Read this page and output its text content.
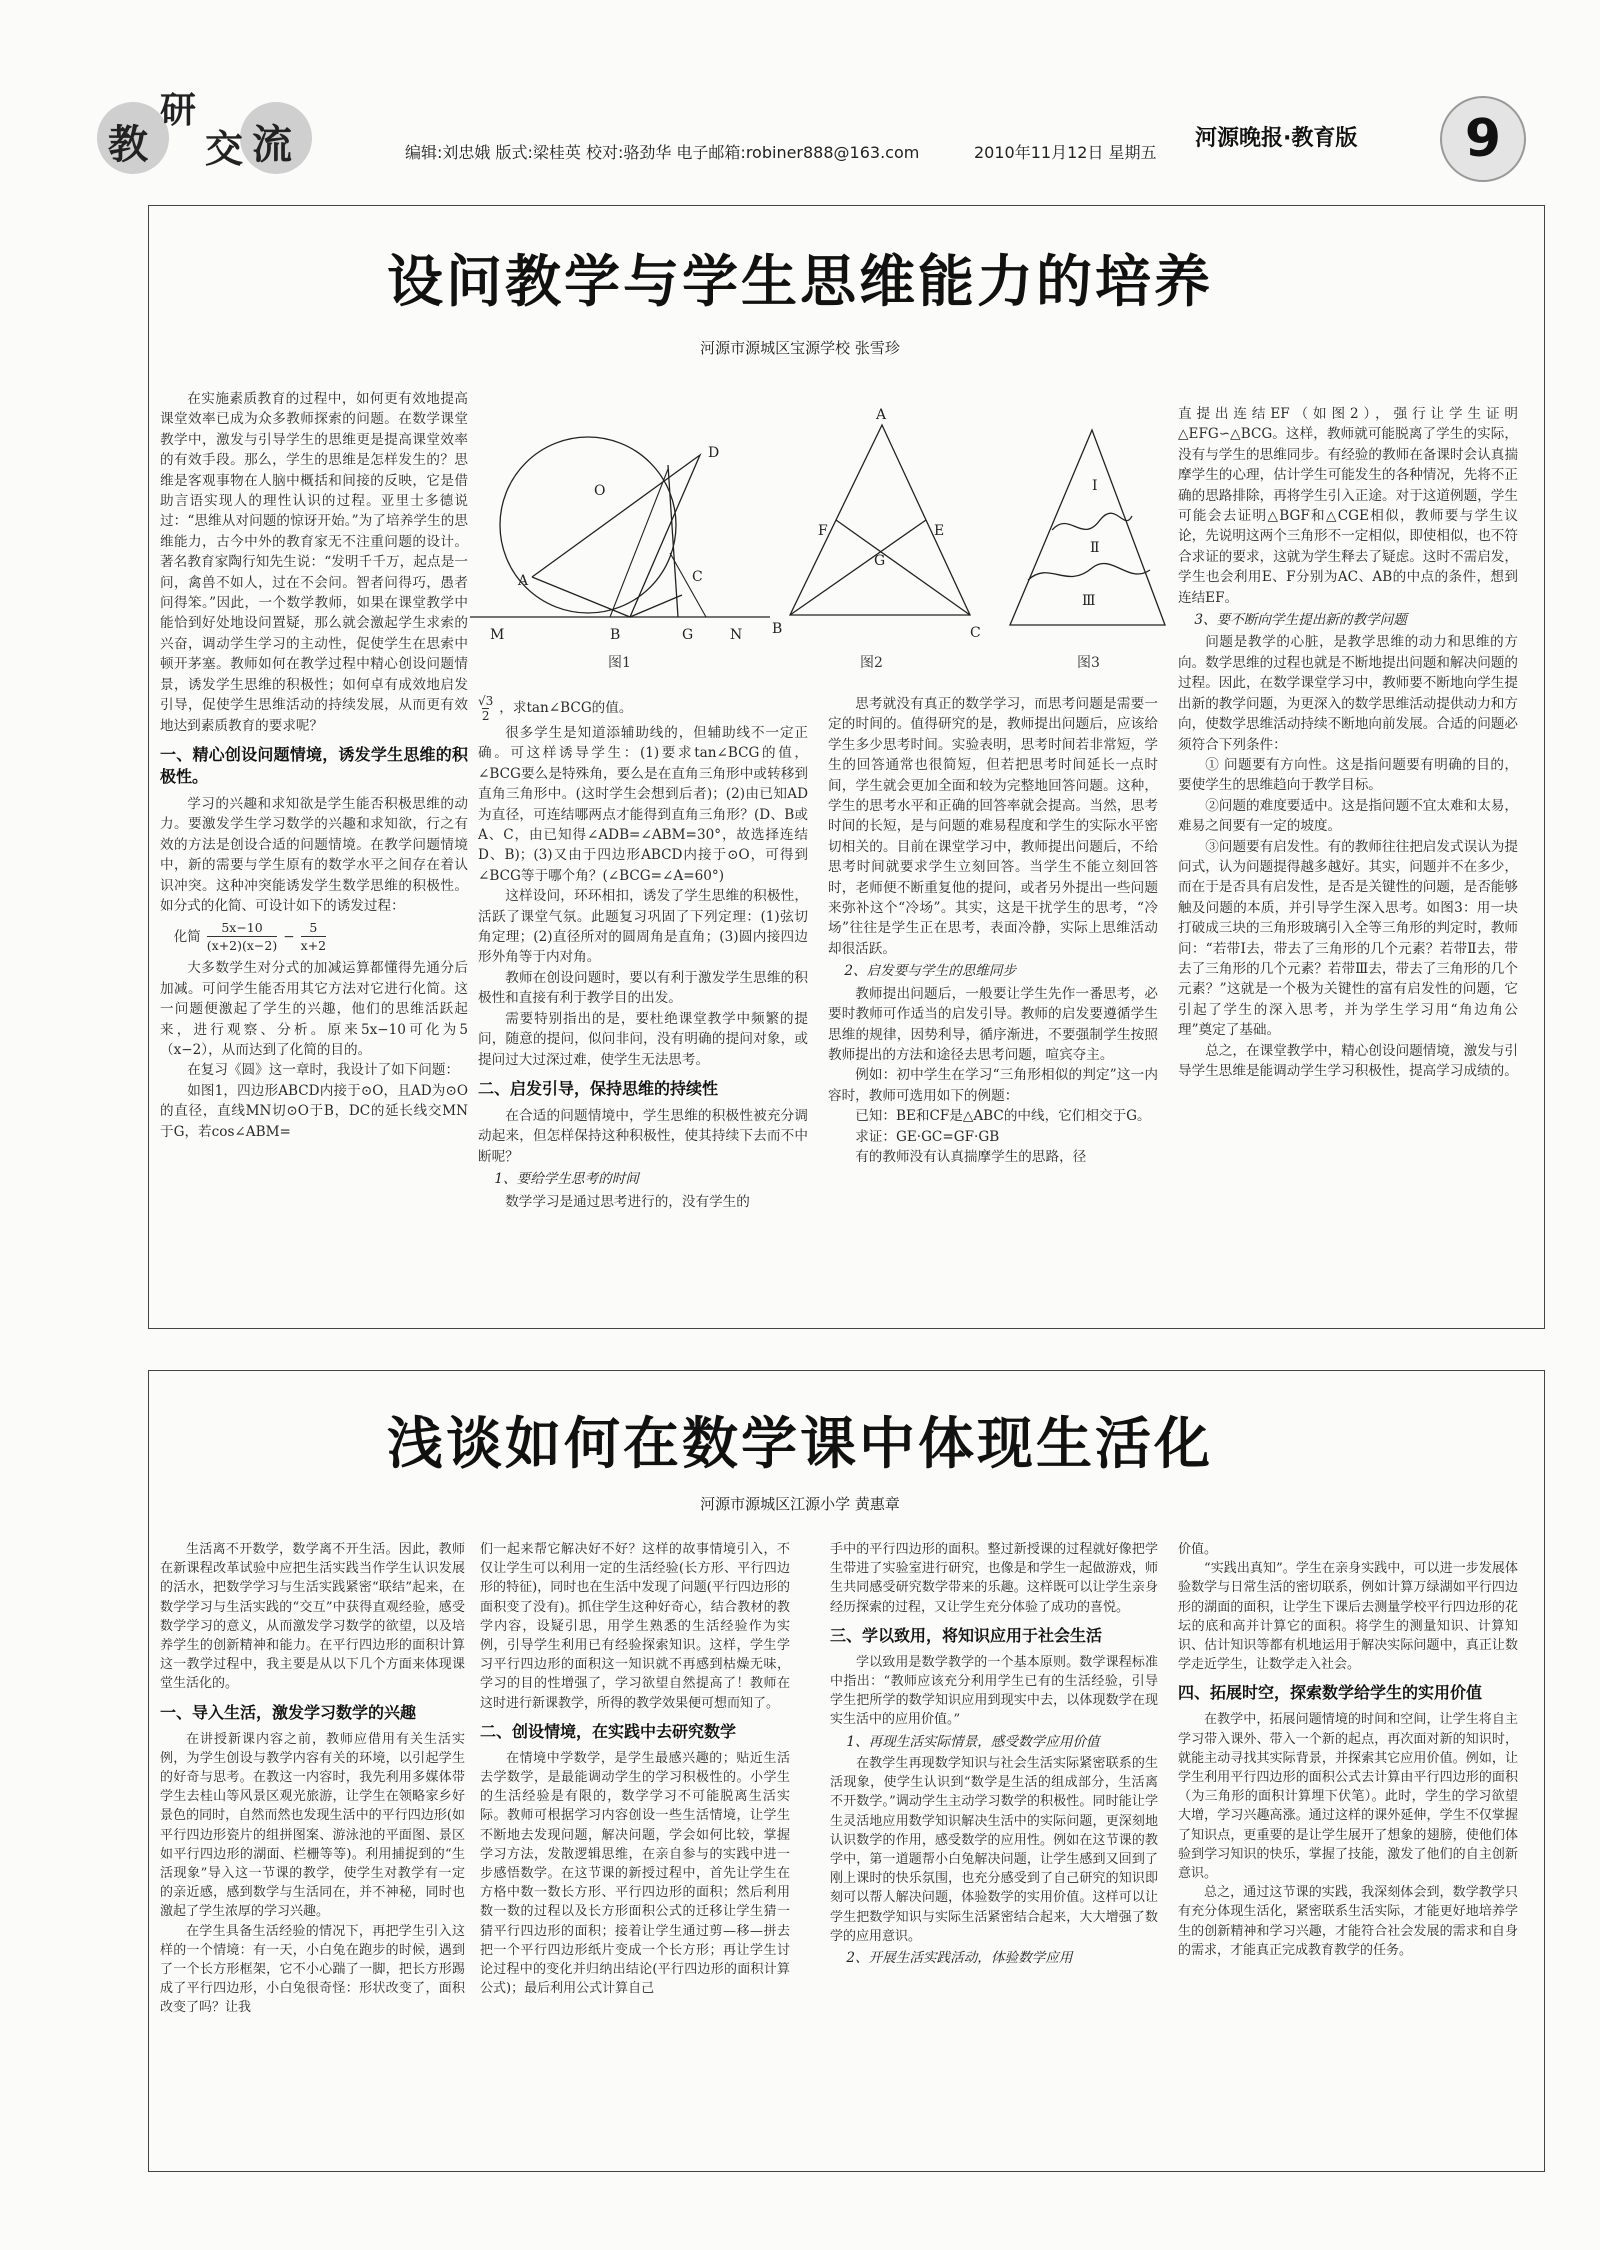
教
研
交 流	编辑:刘忠娥 版式:梁桂英 校对:骆劲华 电子邮箱:robiner888@163.com	2010年11月12日 星期五
河源晚报·教育版	9
设问教学与学生思维能力的培养
河源市源城区宝源学校 张雪珍

在实施素质教育的过程中，如何更有效地提高课堂效率已成为众多教师探索的问题。在数学课堂教学中，激发与引导学生的思维更是提高课堂效率的有效手段。那么，学生的思维是怎样发生的？思维是客观事物在人脑中概括和间接的反映，它是借助言语实现人的理性认识的过程。亚里士多德说过：“思维从对问题的惊讶开始。”为了培养学生的思维能力，古今中外的教育家无不注重问题的设计。著名教育家陶行知先生说：“发明千千万，起点是一问，禽兽不如人，过在不会问。智者问得巧，愚者问得笨。”因此，一个数学教师，如果在课堂教学中能恰到好处地设问置疑，那么就会激起学生求索的兴奋，调动学生学习的主动性，促使学生在思索中顿开茅塞。教师如何在教学过程中精心创设问题情景，诱发学生思维的积极性；如何卓有成效地启发引导，促使学生思维活动的持续发展，从而更有效地达到素质教育的要求呢？

一、精心创设问题情境，诱发学生思维的积极性。

学习的兴趣和求知欲是学生能否积极思维的动力。要激发学生学习数学的兴趣和求知欲，行之有效的方法是创设合适的问题情境。在教学问题情境中，新的需要与学生原有的数学水平之间存在着认识冲突。这种冲突能诱发学生数学思维的积极性。如分式的化简、可设计如下的诱发过程：

化简 $\frac{5x-10}{(x+2)(x-2)} - \frac{5}{x+2}$

大多数学生对分式的加减运算都懂得先通分后加减。可问学生能否用其它方法对它进行化简。这一问题便激起了学生的兴趣，他们的思维活跃起来，进行观察、分析。原来5x−10可化为5（x−2），从而达到了化简的目的。

在复习《圆》这一章时，我设计了如下问题：

如图1，四边形ABCD内接于⊙O，且AD为⊙O的直径，直线MN切⊙O于B，DC的延长线交MN于G，若cos∠ABM=

O
D
A	C
M	B	G	N
图1
A
F	E
G
B	C
图2
Ⅰ
Ⅱ
Ⅲ
图3
$\frac{√3}{2}$ ，求tan∠BCG的值。

很多学生是知道添辅助线的，但辅助线不一定正确。可这样诱导学生：(1)要求tan∠BCG的值，∠BCG要么是特殊角，要么是在直角三角形中或转移到直角三角形中。(这时学生会想到后者)；(2)由已知AD为直径，可连结哪两点才能得到直角三角形？(D、B或A、C，由已知得∠ADB=∠ABM=30°，故选择连结D、B)；(3)又由于四边形ABCD内接于⊙O，可得到∠BCG等于哪个角？(∠BCG=∠A=60°)

这样设问，环环相扣，诱发了学生思维的积极性，活跃了课堂气氛。此题复习巩固了下列定理：(1)弦切角定理；(2)直径所对的圆周角是直角；(3)圆内接四边形外角等于内对角。

教师在创设问题时，要以有利于激发学生思维的积极性和直接有利于教学目的出发。

需要特别指出的是，要杜绝课堂教学中频繁的提问，随意的提问，似问非问，没有明确的提问对象，或提问过大过深过难，使学生无法思考。

二、启发引导，保持思维的持续性

在合适的问题情境中，学生思维的积极性被充分调动起来，但怎样保持这种积极性，使其持续下去而不中断呢？

1、要给学生思考的时间

数学学习是通过思考进行的，没有学生的

思考就没有真正的数学学习，而思考问题是需要一定的时间的。值得研究的是，教师提出问题后，应该给学生多少思考时间。实验表明，思考时间若非常短，学生的回答通常也很简短，但若把思考时间延长一点时间，学生就会更加全面和较为完整地回答问题。这种，学生的思考水平和正确的回答率就会提高。当然，思考时间的长短，是与问题的难易程度和学生的实际水平密切相关的。目前在课堂学习中，教师提出问题后，不给思考时间就要求学生立刻回答。当学生不能立刻回答时，老师便不断重复他的提问，或者另外提出一些问题来弥补这个“冷场”。其实，这是干扰学生的思考，“冷场”往往是学生正在思考，表面冷静，实际上思维活动却很活跃。

2、启发要与学生的思维同步

教师提出问题后，一般要让学生先作一番思考，必要时教师可作适当的启发引导。教师的启发要遵循学生思维的规律，因势利导，循序渐进，不要强制学生按照教师提出的方法和途径去思考问题，喧宾夺主。

例如：初中学生在学习“三角形相似的判定”这一内容时，教师可选用如下的例题：

已知：BE和CF是△ABC的中线，它们相交于G。

求证：GE·GC=GF·GB

有的教师没有认真揣摩学生的思路，径

直提出连结EF（如图2），强行让学生证明△EFG∽△BCG。这样，教师就可能脱离了学生的实际，没有与学生的思维同步。有经验的教师在备课时会认真揣摩学生的心理，估计学生可能发生的各种情况，先将不正确的思路排除，再将学生引入正途。对于这道例题，学生可能会去证明△BGF和△CGE相似，教师要与学生议论，先说明这两个三角形不一定相似，即使相似，也不符合求证的要求，这就为学生释去了疑虑。这时不需启发，学生也会利用E、F分别为AC、AB的中点的条件，想到连结EF。

3、要不断向学生提出新的教学问题

问题是教学的心脏，是教学思维的动力和思维的方向。数学思维的过程也就是不断地提出问题和解决问题的过程。因此，在数学课堂学习中，教师要不断地向学生提出新的教学问题，为更深入的数学思维活动提供动力和方向，使数学思维活动持续不断地向前发展。合适的问题必须符合下列条件：

① 问题要有方向性。这是指问题要有明确的目的，要使学生的思维趋向于教学目标。

②问题的难度要适中。这是指问题不宜太难和太易，难易之间要有一定的坡度。

③问题要有启发性。有的教师往往把启发式误认为提问式，认为问题提得越多越好。其实，问题并不在多少，而在于是否具有启发性，是否是关键性的问题，是否能够触及问题的本质，并引导学生深入思考。如图3：用一块打破成三块的三角形玻璃引入全等三角形的判定时，教师问：“若带Ⅰ去，带去了三角形的几个元素？若带Ⅱ去，带去了三角形的几个元素？若带Ⅲ去，带去了三角形的几个元素？”这就是一个极为关键性的富有启发性的问题，它引起了学生的深入思考，并为学生学习用“角边角公理”奠定了基础。

总之，在课堂教学中，精心创设问题情境，激发与引导学生思维是能调动学生学习积极性，提高学习成绩的。

浅谈如何在数学课中体现生活化
河源市源城区江源小学 黄惠章

生活离不开数学，数学离不开生活。因此，教师在新课程改革试验中应把生活实践当作学生认识发展的活水，把数学学习与生活实践紧密“联结”起来，在数学学习与生活实践的“交互”中获得直观经验，感受数学学习的意义，从而激发学习数学的欲望，以及培养学生的创新精神和能力。在平行四边形的面积计算这一教学过程中，我主要是从以下几个方面来体现课堂生活化的。

一、导入生活，激发学习数学的兴趣

在讲授新课内容之前，教师应借用有关生活实例，为学生创设与教学内容有关的环境，以引起学生的好奇与思考。在教这一内容时，我先利用多媒体带学生去桂山等风景区观光旅游，让学生在领略家乡好景色的同时，自然而然也发现生活中的平行四边形(如平行四边形瓷片的组拼图案、游泳池的平面图、景区如平行四边形的湖面、栏栅等等)。利用捕捉到的“生活现象”导入这一节课的教学，使学生对教学有一定的亲近感，感到数学与生活同在，并不神秘，同时也激起了学生浓厚的学习兴趣。

在学生具备生活经验的情况下，再把学生引入这样的一个情境：有一天，小白兔在跑步的时候，遇到了一个长方形框架，它不小心踹了一脚，把长方形踢成了平行四边形，小白兔很奇怪：形状改变了，面积改变了吗？让我

们一起来帮它解决好不好？这样的故事情境引入，不仅让学生可以利用一定的生活经验(长方形、平行四边形的特征)，同时也在生活中发现了问题(平行四边形的面积变了没有)。抓住学生这种好奇心，结合教材的教学内容，设疑引思，用学生熟悉的生活经验作为实例，引导学生利用已有经验探索知识。这样，学生学习平行四边形的面积这一知识就不再感到枯燥无味，学习的目的性增强了，学习欲望自然提高了！教师在这时进行新课教学，所得的教学效果便可想而知了。

二、创设情境，在实践中去研究数学

在情境中学数学，是学生最感兴趣的；贴近生活去学数学，是最能调动学生的学习积极性的。小学生的生活经验是有限的，数学学习不可能脱离生活实际。教师可根据学习内容创设一些生活情境，让学生不断地去发现问题，解决问题，学会如何比较，掌握学习方法，发散逻辑思维，在亲自参与的实践中进一步感悟数学。在这节课的新授过程中，首先让学生在方格中数一数长方形、平行四边形的面积；然后利用数一数的过程以及长方形面积公式的迁移让学生猜一猜平行四边形的面积；接着让学生通过剪—移—拼去把一个平行四边形纸片变成一个长方形；再让学生讨论过程中的变化并归纳出结论(平行四边形的面积计算公式)；最后利用公式计算自己

手中的平行四边形的面积。整过新授课的过程就好像把学生带进了实验室进行研究，也像是和学生一起做游戏，师生共同感受研究数学带来的乐趣。这样既可以让学生亲身经历探索的过程，又让学生充分体验了成功的喜悦。

三、学以致用，将知识应用于社会生活

学以致用是数学教学的一个基本原则。数学课程标准中指出：“教师应该充分利用学生已有的生活经验，引导学生把所学的数学知识应用到现实中去，以体现数学在现实生活中的应用价值。”

1、再现生活实际情景，感受数学应用价值

在教学生再现数学知识与社会生活实际紧密联系的生活现象，使学生认识到“数学是生活的组成部分，生活离不开数学。”调动学生主动学习数学的积极性。同时能让学生灵活地应用数学知识解决生活中的实际问题，更深刻地认识数学的作用，感受数学的应用性。例如在这节课的教学中，第一道题帮小白兔解决问题，让学生感到又回到了刚上课时的快乐氛围，也充分感受到了自己研究的知识即刻可以帮人解决问题，体验数学的实用价值。这样可以让学生把数学知识与实际生活紧密结合起来，大大增强了数学的应用意识。

2、开展生活实践活动，体验数学应用

价值。

“实践出真知”。学生在亲身实践中，可以进一步发展体验数学与日常生活的密切联系，例如计算万绿湖如平行四边形的湖面的面积，让学生下课后去测量学校平行四边形的花坛的底和高并计算它的面积。将学生的测量知识、计算知识、估计知识等都有机地运用于解决实际问题中，真正让数学走近学生，让数学走入社会。

四、拓展时空，探索数学给学生的实用价值

在教学中，拓展问题情境的时间和空间，让学生将自主学习带入课外、带入一个新的起点，再次面对新的知识时，就能主动寻找其实际背景，并探索其它应用价值。例如，让学生利用平行四边形的面积公式去计算由平行四边形的面积（为三角形的面积计算埋下伏笔）。此时，学生的学习欲望大增，学习兴趣高涨。通过这样的课外延伸，学生不仅掌握了知识点，更重要的是让学生展开了想象的翅膀，使他们体验到学习知识的快乐，掌握了技能，激发了他们的自主创新意识。

总之，通过这节课的实践，我深刻体会到，数学教学只有充分体现生活化，紧密联系生活实际，才能更好地培养学生的创新精神和学习兴趣，才能符合社会发展的需求和自身的需求，才能真正完成教育教学的任务。
